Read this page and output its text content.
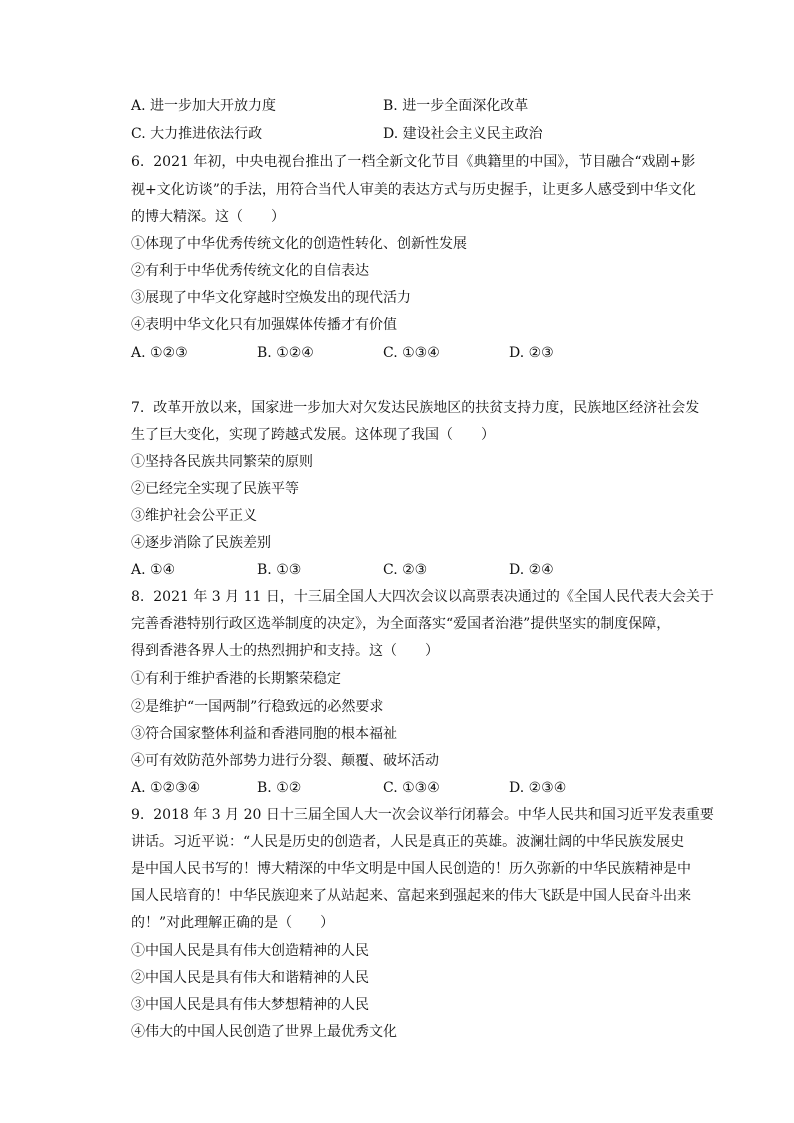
A. 进一步加大开放力度	B. 进一步全面深化改革
C. 大力推进依法行政	D. 建设社会主义民主政治
6.  2021 年初，中央电视台推出了一档全新文化节目《典籍里的中国》，节目融合“戏剧+影
视+文化访谈”的手法，用符合当代人审美的表达方式与历史握手，让更多人感受到中华文化
的博大精深。这（　　）
①体现了中华优秀传统文化的创造性转化、创新性发展
②有利于中华优秀传统文化的自信表达
③展现了中华文化穿越时空焕发出的现代活力
④表明中华文化只有加强媒体传播才有价值
A. ①②③	B. ①②④	C. ①③④	D. ②③
7.  改革开放以来，国家进一步加大对欠发达民族地区的扶贫支持力度，民族地区经济社会发
生了巨大变化，实现了跨越式发展。这体现了我国（　　）
①坚持各民族共同繁荣的原则
②已经完全实现了民族平等
③维护社会公平正义
④逐步消除了民族差别
A. ①④	B. ①③	C. ②③	D. ②④
8.  2021 年 3 月 11 日，十三届全国人大四次会议以高票表决通过的《全国人民代表大会关于
完善香港特别行政区选举制度的决定》，为全面落实“爱国者治港”提供坚实的制度保障，
得到香港各界人士的热烈拥护和支持。这（　　）
①有利于维护香港的长期繁荣稳定
②是维护“一国两制”行稳致远的必然要求
③符合国家整体利益和香港同胞的根本福祉
④可有效防范外部势力进行分裂、颠覆、破坏活动
A. ①②③④	B. ①②	C. ①③④	D. ②③④
9.  2018 年 3 月 20 日十三届全国人大一次会议举行闭幕会。中华人民共和国习近平发表重要
讲话。习近平说：“人民是历史的创造者，人民是真正的英雄。波澜壮阔的中华民族发展史
是中国人民书写的！博大精深的中华文明是中国人民创造的！历久弥新的中华民族精神是中
国人民培育的！中华民族迎来了从站起来、富起来到强起来的伟大飞跃是中国人民奋斗出来
的！”对此理解正确的是（　　）
①中国人民是具有伟大创造精神的人民
②中国人民是具有伟大和谐精神的人民
③中国人民是具有伟大梦想精神的人民
④伟大的中国人民创造了世界上最优秀文化
